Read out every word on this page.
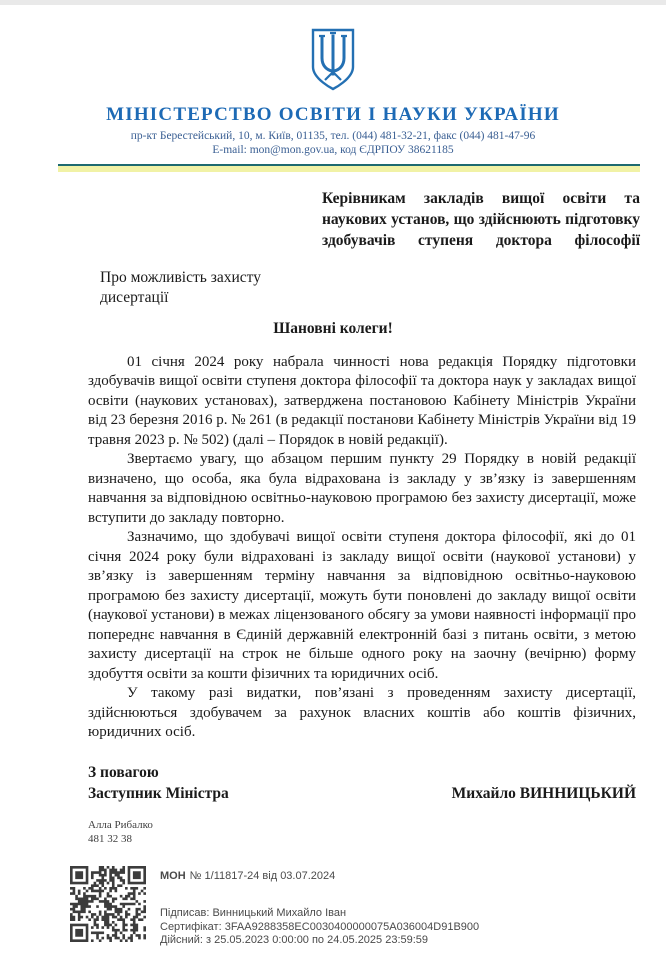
МІНІСТЕРСТВО ОСВІТИ І НАУКИ УКРАЇНИ
пр-кт Берестейський, 10, м. Київ, 01135, тел. (044) 481-32-21, факс (044) 481-47-96
E-mail: mon@mon.gov.ua, код ЄДРПОУ 38621185
Керівникам закладів вищої освіти та наукових установ, що здійснюють підготовку здобувачів ступеня доктора філософії
Про можливість захисту дисертації
Шановні колеги!

01 січня 2024 року набрала чинності нова редакція Порядку підготовки здобувачів вищої освіти ступеня доктора філософії та доктора наук у закладах вищої освіти (наукових установах), затверджена постановою Кабінету Міністрів України від 23 березня 2016 р. № 261 (в редакції постанови Кабінету Міністрів України від 19 травня 2023 р. № 502) (далі – Порядок в новій редакції).

Звертаємо увагу, що абзацом першим пункту 29 Порядку в новій редакції визначено, що особа, яка була відрахована із закладу у зв’язку із завершенням навчання за відповідною освітньо-науковою програмою без захисту дисертації, може вступити до закладу повторно.

Зазначимо, що здобувачі вищої освіти ступеня доктора філософії, які до 01 січня 2024 року були відраховані із закладу вищої освіти (наукової установи) у зв’язку із завершенням терміну навчання за відповідною освітньо-науковою програмою без захисту дисертації, можуть бути поновлені до закладу вищої освіти (наукової установи) в межах ліцензованого обсягу за умови наявності інформації про попереднє навчання в Єдиній державній електронній базі з питань освіти, з метою захисту дисертації на строк не більше одного року на заочну (вечірню) форму здобуття освіти за кошти фізичних та юридичних осіб.

У такому разі видатки, пов’язані з проведенням захисту дисертації, здійснюються здобувачем за рахунок власних коштів або коштів фізичних, юридичних осіб.

З повагою
Заступник Міністра	Михайло ВИННИЦЬКИЙ
Алла Рибалко
481 32 38
МОН № 1/11817-24 від 03.07.2024
Підписав: Винницький Михайло Іван
Сертифікат: 3FAA9288358EC0030400000075A036004D91B900
Дійсний: з 25.05.2023 0:00:00 по 24.05.2025 23:59:59
